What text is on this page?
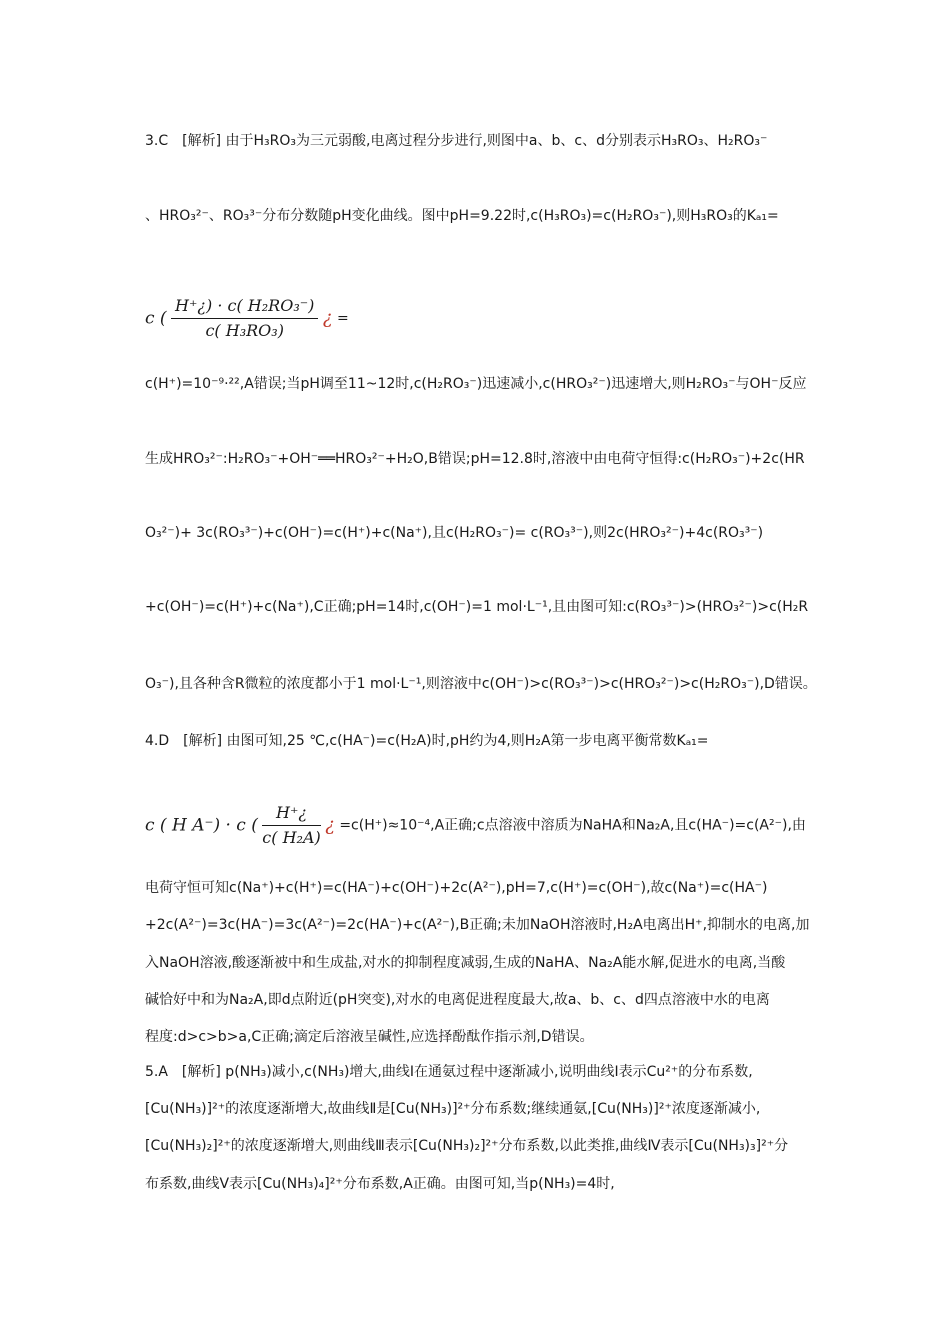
3.C　[解析] 由于H₃RO₃为三元弱酸,电离过程分步进行,则图中a、b、c、d分别表示H₃RO₃、H₂RO₃⁻
、HRO₃²⁻、RO₃³⁻分布分数随pH变化曲线。图中pH=9.22时,c(H₃RO₃)=c(H₂RO₃⁻),则H₃RO₃的Kₐ₁=
c ( $\frac{\text{H⁺¿) · c( H₂RO₃⁻)}}{\text{c( H₃RO₃)}}$ ¿ =
c(H⁺)=10⁻⁹·²²,A错误;当pH调至11~12时,c(H₂RO₃⁻)迅速减小,c(HRO₃²⁻)迅速增大,则H₂RO₃⁻与OH⁻反应
生成HRO₃²⁻:H₂RO₃⁻+OH⁻══HRO₃²⁻+H₂O,B错误;pH=12.8时,溶液中由电荷守恒得:c(H₂RO₃⁻)+2c(HR
O₃²⁻)+ 3c(RO₃³⁻)+c(OH⁻)=c(H⁺)+c(Na⁺),且c(H₂RO₃⁻)= c(RO₃³⁻),则2c(HRO₃²⁻)+4c(RO₃³⁻)
+c(OH⁻)=c(H⁺)+c(Na⁺),C正确;pH=14时,c(OH⁻)=1 mol·L⁻¹,且由图可知:c(RO₃³⁻)>(HRO₃²⁻)>c(H₂R
O₃⁻),且各种含R微粒的浓度都小于1 mol·L⁻¹,则溶液中c(OH⁻)>c(RO₃³⁻)>c(HRO₃²⁻)>c(H₂RO₃⁻),D错误。
4.D　[解析] 由图可知,25 ℃,c(HA⁻)=c(H₂A)时,pH约为4,则H₂A第一步电离平衡常数Kₐ₁=
c ( H A⁻) · c ( $\frac{H^+¿}{\text{c( H₂A)}}$ ¿ =c(H⁺)≈10⁻⁴,A正确;c点溶液中溶质为NaHA和Na₂A,且c(HA⁻)=c(A²⁻),由
电荷守恒可知c(Na⁺)+c(H⁺)=c(HA⁻)+c(OH⁻)+2c(A²⁻),pH=7,c(H⁺)=c(OH⁻),故c(Na⁺)=c(HA⁻)
+2c(A²⁻)=3c(HA⁻)=3c(A²⁻)=2c(HA⁻)+c(A²⁻),B正确;未加NaOH溶液时,H₂A电离出H⁺,抑制水的电离,加
入NaOH溶液,酸逐渐被中和生成盐,对水的抑制程度减弱,生成的NaHA、Na₂A能水解,促进水的电离,当酸
碱恰好中和为Na₂A,即d点附近(pH突变),对水的电离促进程度最大,故a、b、c、d四点溶液中水的电离
程度:d>c>b>a,C正确;滴定后溶液呈碱性,应选择酚酞作指示剂,D错误。
5.A　[解析] p(NH₃)减小,c(NH₃)增大,曲线Ⅰ在通氨过程中逐渐减小,说明曲线Ⅰ表示Cu²⁺的分布系数,
[Cu(NH₃)]²⁺的浓度逐渐增大,故曲线Ⅱ是[Cu(NH₃)]²⁺分布系数;继续通氨,[Cu(NH₃)]²⁺浓度逐渐减小,
[Cu(NH₃)₂]²⁺的浓度逐渐增大,则曲线Ⅲ表示[Cu(NH₃)₂]²⁺分布系数,以此类推,曲线Ⅳ表示[Cu(NH₃)₃]²⁺分
布系数,曲线Ⅴ表示[Cu(NH₃)₄]²⁺分布系数,A正确。由图可知,当p(NH₃)=4时,
